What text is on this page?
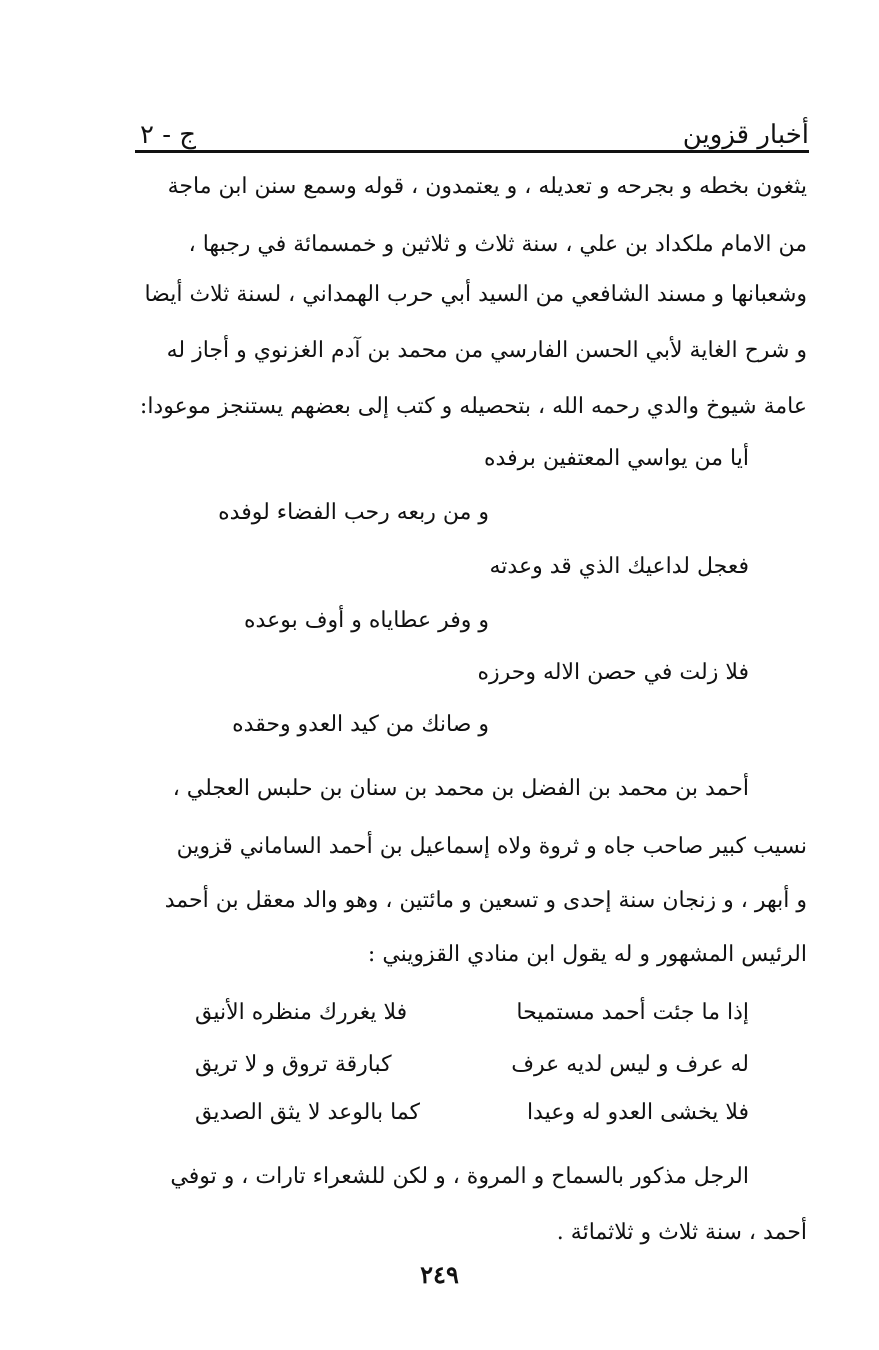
أخبار قزوين
ج - ٢

يثغون بخطه و بجرحه و تعديله ، و يعتمدون ، قوله وسمع سنن ابن ماجة

من الامام ملكداد بن علي ، سنة ثلاث و ثلاثين و خمسمائة في رجبها ،

وشعبانها و مسند الشافعي من السيد أبي حرب الهمداني ، لسنة ثلاث أيضا

و شرح الغاية لأبي الحسن الفارسي من محمد بن آدم الغزنوي و أجاز له

عامة شيوخ والدي رحمه الله ، بتحصيله و كتب إلى بعضهم يستنجز موعودا:

أيا من يواسي المعتفين برفده

و من ربعه رحب الفضاء لوفده

فعجل لداعيك الذي قد وعدته

و وفر عطاياه و أوف بوعده

فلا زلت في حصن الاله وحرزه

و صانك من كيد العدو وحقده

أحمد بن محمد بن الفضل بن محمد بن سنان بن حلبس العجلي ،

نسيب كبير صاحب جاه و ثروة ولاه إسماعيل بن أحمد الساماني قزوين

و أبهر ، و زنجان سنة إحدى و تسعين و مائتين ، وهو والد معقل بن أحمد

الرئيس المشهور و له يقول ابن منادي القزويني :

إذا ما جئت أحمد مستميحا
فلا يغررك منظره الأنيق
له عرف و ليس لديه عرف
كبارقة تروق و لا تريق
فلا يخشى العدو له وعيدا
كما بالوعد لا يثق الصديق

الرجل مذكور بالسماح و المروة ، و لكن للشعراء تارات ، و توفي

أحمد ، سنة ثلاث و ثلاثمائة .

٢٤٩
